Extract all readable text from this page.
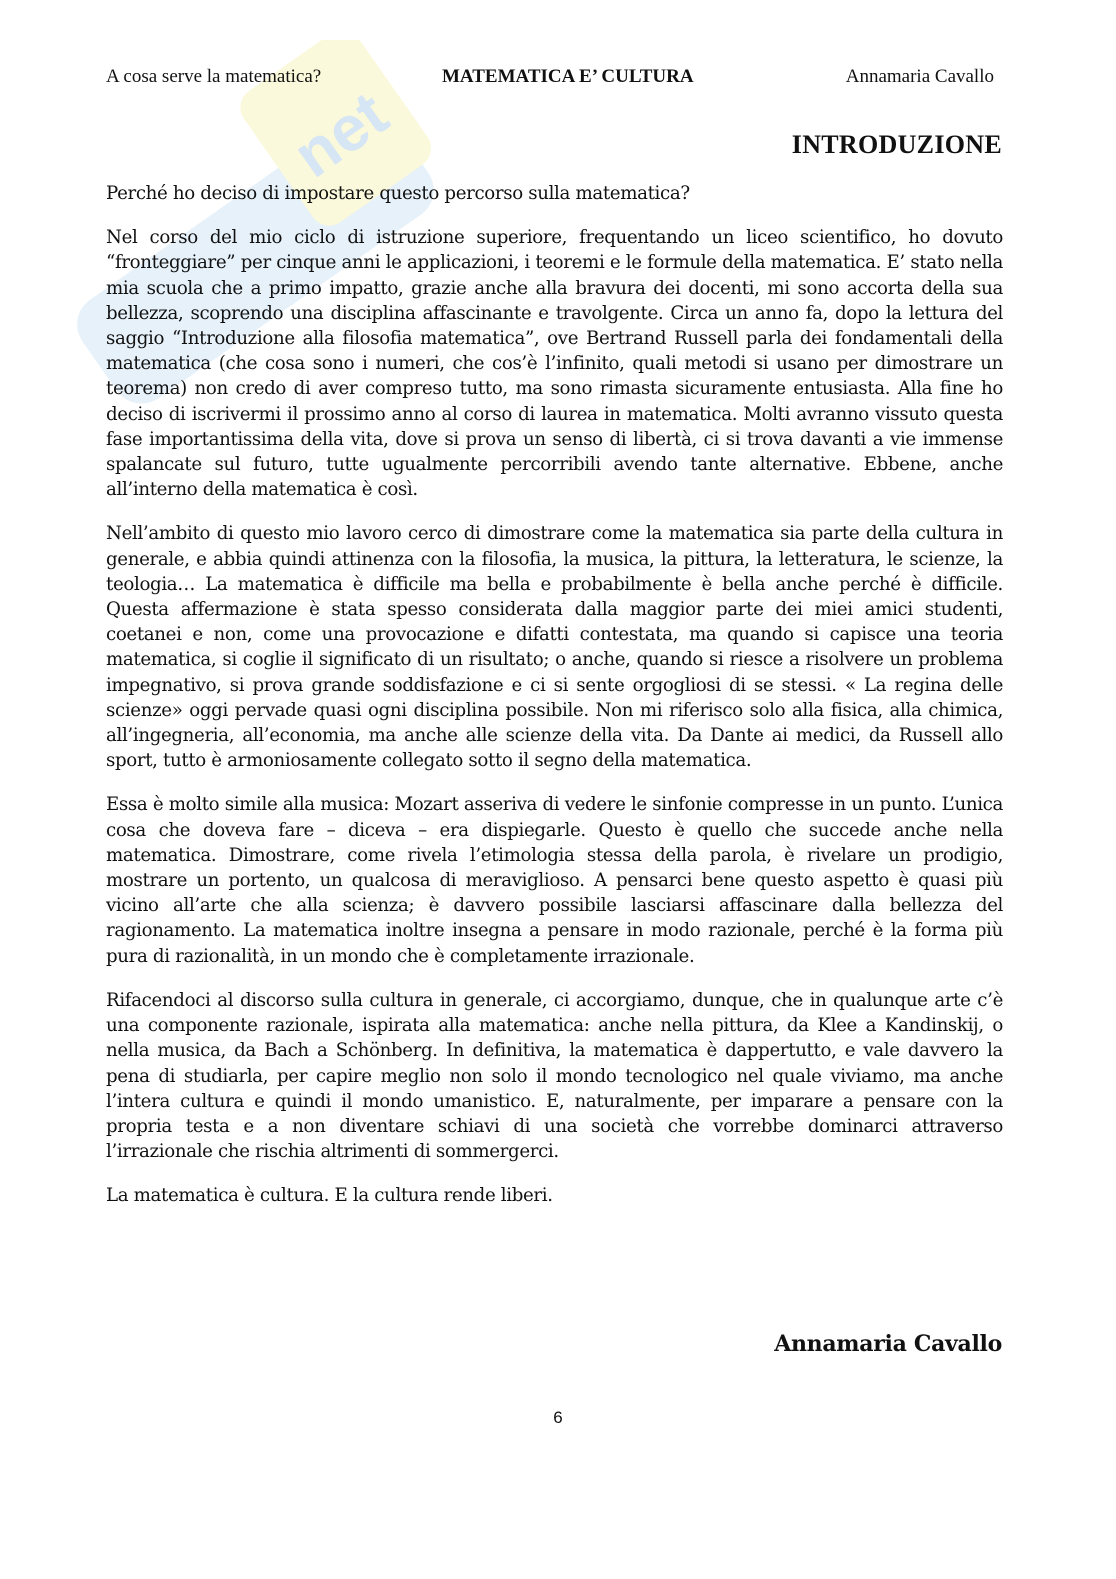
net
A cosa serve la matematica?	MATEMATICA E’ CULTURA	Annamaria Cavallo
INTRODUZIONE

Perché ho deciso di impostare questo percorso sulla matematica?

Nel corso del mio ciclo di istruzione superiore, frequentando un liceo scientifico, ho dovuto “fronteggiare” per cinque anni le applicazioni, i teoremi e le formule della matematica. E’ stato nella mia scuola che a primo impatto, grazie anche alla bravura dei docenti, mi sono accorta della sua bellezza, scoprendo una disciplina affascinante e travolgente. Circa un anno fa, dopo la lettura del saggio “Introduzione alla filosofia matematica”, ove Bertrand Russell parla dei fondamentali della matematica (che cosa sono i numeri, che cos’è l’infinito, quali metodi si usano per dimostrare un teorema) non credo di aver compreso tutto, ma sono rimasta sicuramente entusiasta. Alla fine ho deciso di iscrivermi il prossimo anno al corso di laurea in matematica. Molti avranno vissuto questa fase importantissima della vita, dove si prova un senso di libertà, ci si trova davanti a vie immense spalancate sul futuro, tutte ugualmente percorribili avendo tante alternative. Ebbene, anche all’interno della matematica è così.

Nell’ambito di questo mio lavoro cerco di dimostrare come la matematica sia parte della cultura in generale, e abbia quindi attinenza con la filosofia, la musica, la pittura, la letteratura, le scienze, la teologia… La matematica è difficile ma bella e probabilmente è bella anche perché è difficile. Questa affermazione è stata spesso considerata dalla maggior parte dei miei amici studenti, coetanei e non, come una provocazione e difatti contestata, ma quando si capisce una teoria matematica, si coglie il significato di un risultato; o anche, quando si riesce a risolvere un problema impegnativo, si prova grande soddisfazione e ci si sente orgogliosi di se stessi. « La regina delle scienze» oggi pervade quasi ogni disciplina possibile. Non mi riferisco solo alla fisica, alla chimica, all’ingegneria, all’economia, ma anche alle scienze della vita. Da Dante ai medici, da Russell allo sport, tutto è armoniosamente collegato sotto il segno della matematica.

Essa è molto simile alla musica: Mozart asseriva di vedere le sinfonie compresse in un punto. L’unica cosa che doveva fare – diceva – era dispiegarle. Questo è quello che succede anche nella matematica. Dimostrare, come rivela l’etimologia stessa della parola, è rivelare un prodigio, mostrare un portento, un qualcosa di meraviglioso. A pensarci bene questo aspetto è quasi più vicino all’arte che alla scienza; è davvero possibile lasciarsi affascinare dalla bellezza del ragionamento. La matematica inoltre insegna a pensare in modo razionale, perché è la forma più pura di razionalità, in un mondo che è completamente irrazionale.

Rifacendoci al discorso sulla cultura in generale, ci accorgiamo, dunque, che in qualunque arte c’è una componente razionale, ispirata alla matematica: anche nella pittura, da Klee a Kandinskij, o nella musica, da Bach a Schönberg. In definitiva, la matematica è dappertutto, e vale davvero la pena di studiarla, per capire meglio non solo il mondo tecnologico nel quale viviamo, ma anche l’intera cultura e quindi il mondo umanistico. E, naturalmente, per imparare a pensare con la propria testa e a non diventare schiavi di una società che vorrebbe dominarci attraverso l’irrazionale che rischia altrimenti di sommergerci.

La matematica è cultura. E la cultura rende liberi.

Annamaria Cavallo
6
